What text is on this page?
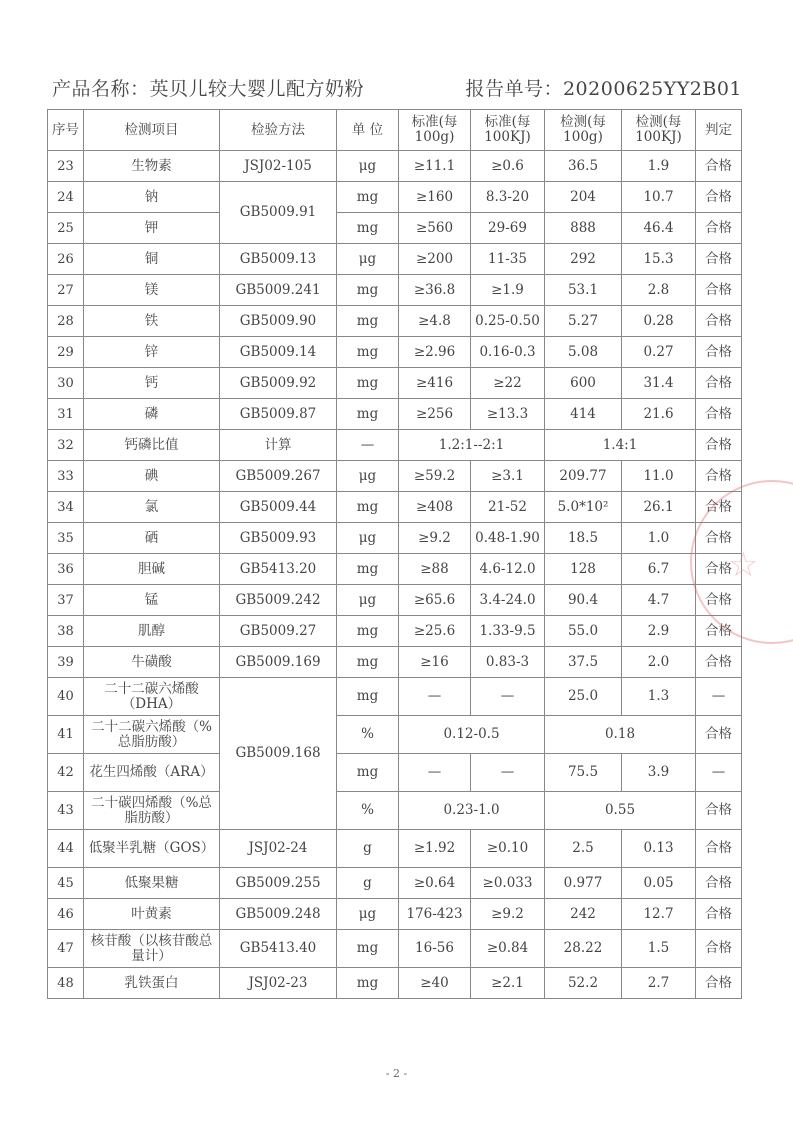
产品名称：英贝儿较大婴儿配方奶粉	报告单号：20200625YY2B01
序号	检测项目	检验方法	单 位	标准(每100g)	标准(每100KJ)	检测(每100g)	检测(每100KJ)	判定
23	生物素	JSJ02-105	μg	≥11.1	≥0.6	36.5	1.9	合格
24	钠	GB5009.91	mg	≥160	8.3-20	204	10.7	合格
25	钾		mg	≥560	29-69	888	46.4	合格
26	铜	GB5009.13	μg	≥200	11-35	292	15.3	合格
27	镁	GB5009.241	mg	≥36.8	≥1.9	53.1	2.8	合格
28	铁	GB5009.90	mg	≥4.8	0.25-0.50	5.27	0.28	合格
29	锌	GB5009.14	mg	≥2.96	0.16-0.3	5.08	0.27	合格
30	钙	GB5009.92	mg	≥416	≥22	600	31.4	合格
31	磷	GB5009.87	mg	≥256	≥13.3	414	21.6	合格
32	钙磷比值	计算	—	1.2:1--2:1		1.4:1		合格
33	碘	GB5009.267	μg	≥59.2	≥3.1	209.77	11.0	合格
34	氯	GB5009.44	mg	≥408	21-52	5.0*10²	26.1	合格
35	硒	GB5009.93	μg	≥9.2	0.48-1.90	18.5	1.0	合格
36	胆碱	GB5413.20	mg	≥88	4.6-12.0	128	6.7	合格
37	锰	GB5009.242	μg	≥65.6	3.4-24.0	90.4	4.7	合格
38	肌醇	GB5009.27	mg	≥25.6	1.33-9.5	55.0	2.9	合格
39	牛磺酸	GB5009.169	mg	≥16	0.83-3	37.5	2.0	合格
40	二十二碳六烯酸（DHA）	GB5009.168	mg	—	—	25.0	1.3	—
41	二十二碳六烯酸（%总脂肪酸）		%	0.12-0.5		0.18		合格
42	花生四烯酸（ARA）		mg	—	—	75.5	3.9	—
43	二十碳四烯酸（%总脂肪酸）		%	0.23-1.0		0.55		合格
44	低聚半乳糖（GOS）	JSJ02-24	g	≥1.92	≥0.10	2.5	0.13	合格
45	低聚果糖	GB5009.255	g	≥0.64	≥0.033	0.977	0.05	合格
46	叶黄素	GB5009.248	μg	176-423	≥9.2	242	12.7	合格
47	核苷酸（以核苷酸总量计）	GB5413.40	mg	16-56	≥0.84	28.22	1.5	合格
48	乳铁蛋白	JSJ02-23	mg	≥40	≥2.1	52.2	2.7	合格
☆
- 2 -
